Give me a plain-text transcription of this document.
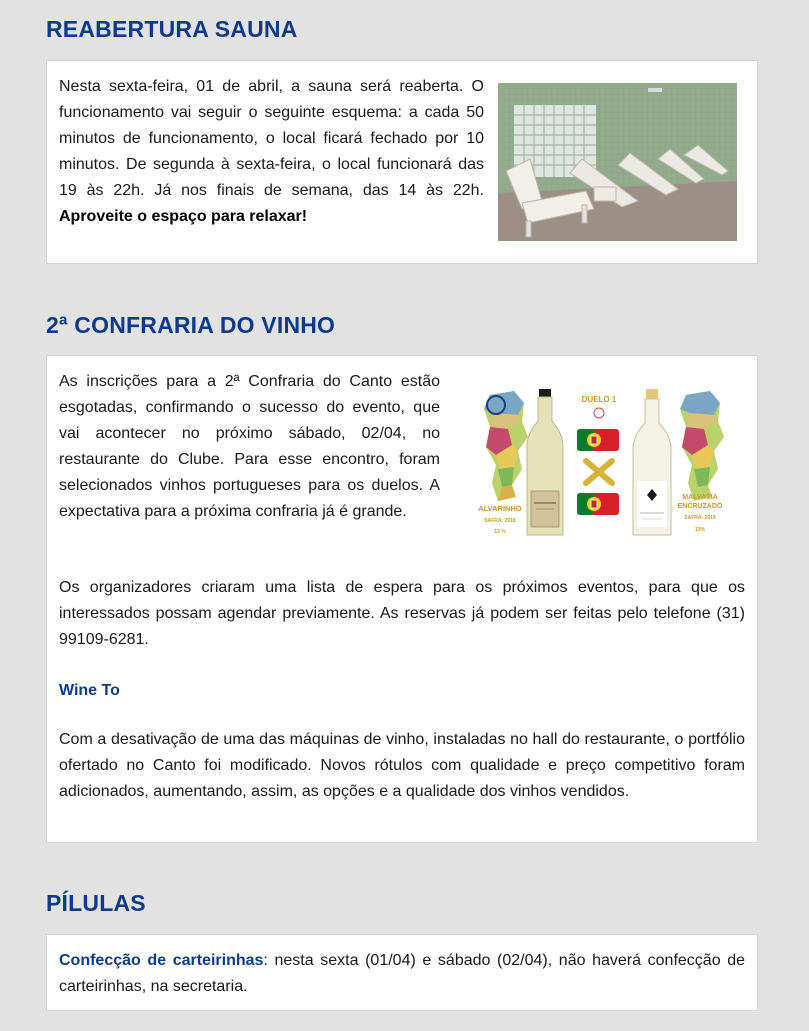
REABERTURA SAUNA
Nesta sexta-feira, 01 de abril, a sauna será reaberta. O funcionamento vai seguir o seguinte esquema: a cada 50 minutos de funcionamento, o local ficará fechado por 10 minutos. De segunda à sexta-feira, o local funcionará das 19 às 22h. Já nos finais de semana, das 14 às 22h. Aproveite o espaço para relaxar!
2ª CONFRARIA DO VINHO
As inscrições para a 2ª Confraria do Canto estão esgotadas, confirmando o sucesso do evento, que vai acontecer no próximo sábado, 02/04, no restaurante do Clube. Para esse encontro, foram selecionados vinhos portugueses para os duelos. A expectativa para a próxima confraria já é grande.	ALVARINHO
SAFRA: 2018
13 %
DUELO 1
MALVASIA
ENCRUZADO
SAFRA: 2019
13%
Os organizadores criaram uma lista de espera para os próximos eventos, para que os interessados possam agendar previamente. As reservas já podem ser feitas pelo telefone (31) 99109-6281.
Wine To
Com a desativação de uma das máquinas de vinho, instaladas no hall do restaurante, o portfólio ofertado no Canto foi modificado. Novos rótulos com qualidade e preço competitivo foram adicionados, aumentando, assim, as opções e a qualidade dos vinhos vendidos.
PÍLULAS
Confecção de carteirinhas: nesta sexta (01/04) e sábado (02/04), não haverá confecção de carteirinhas, na secretaria.
